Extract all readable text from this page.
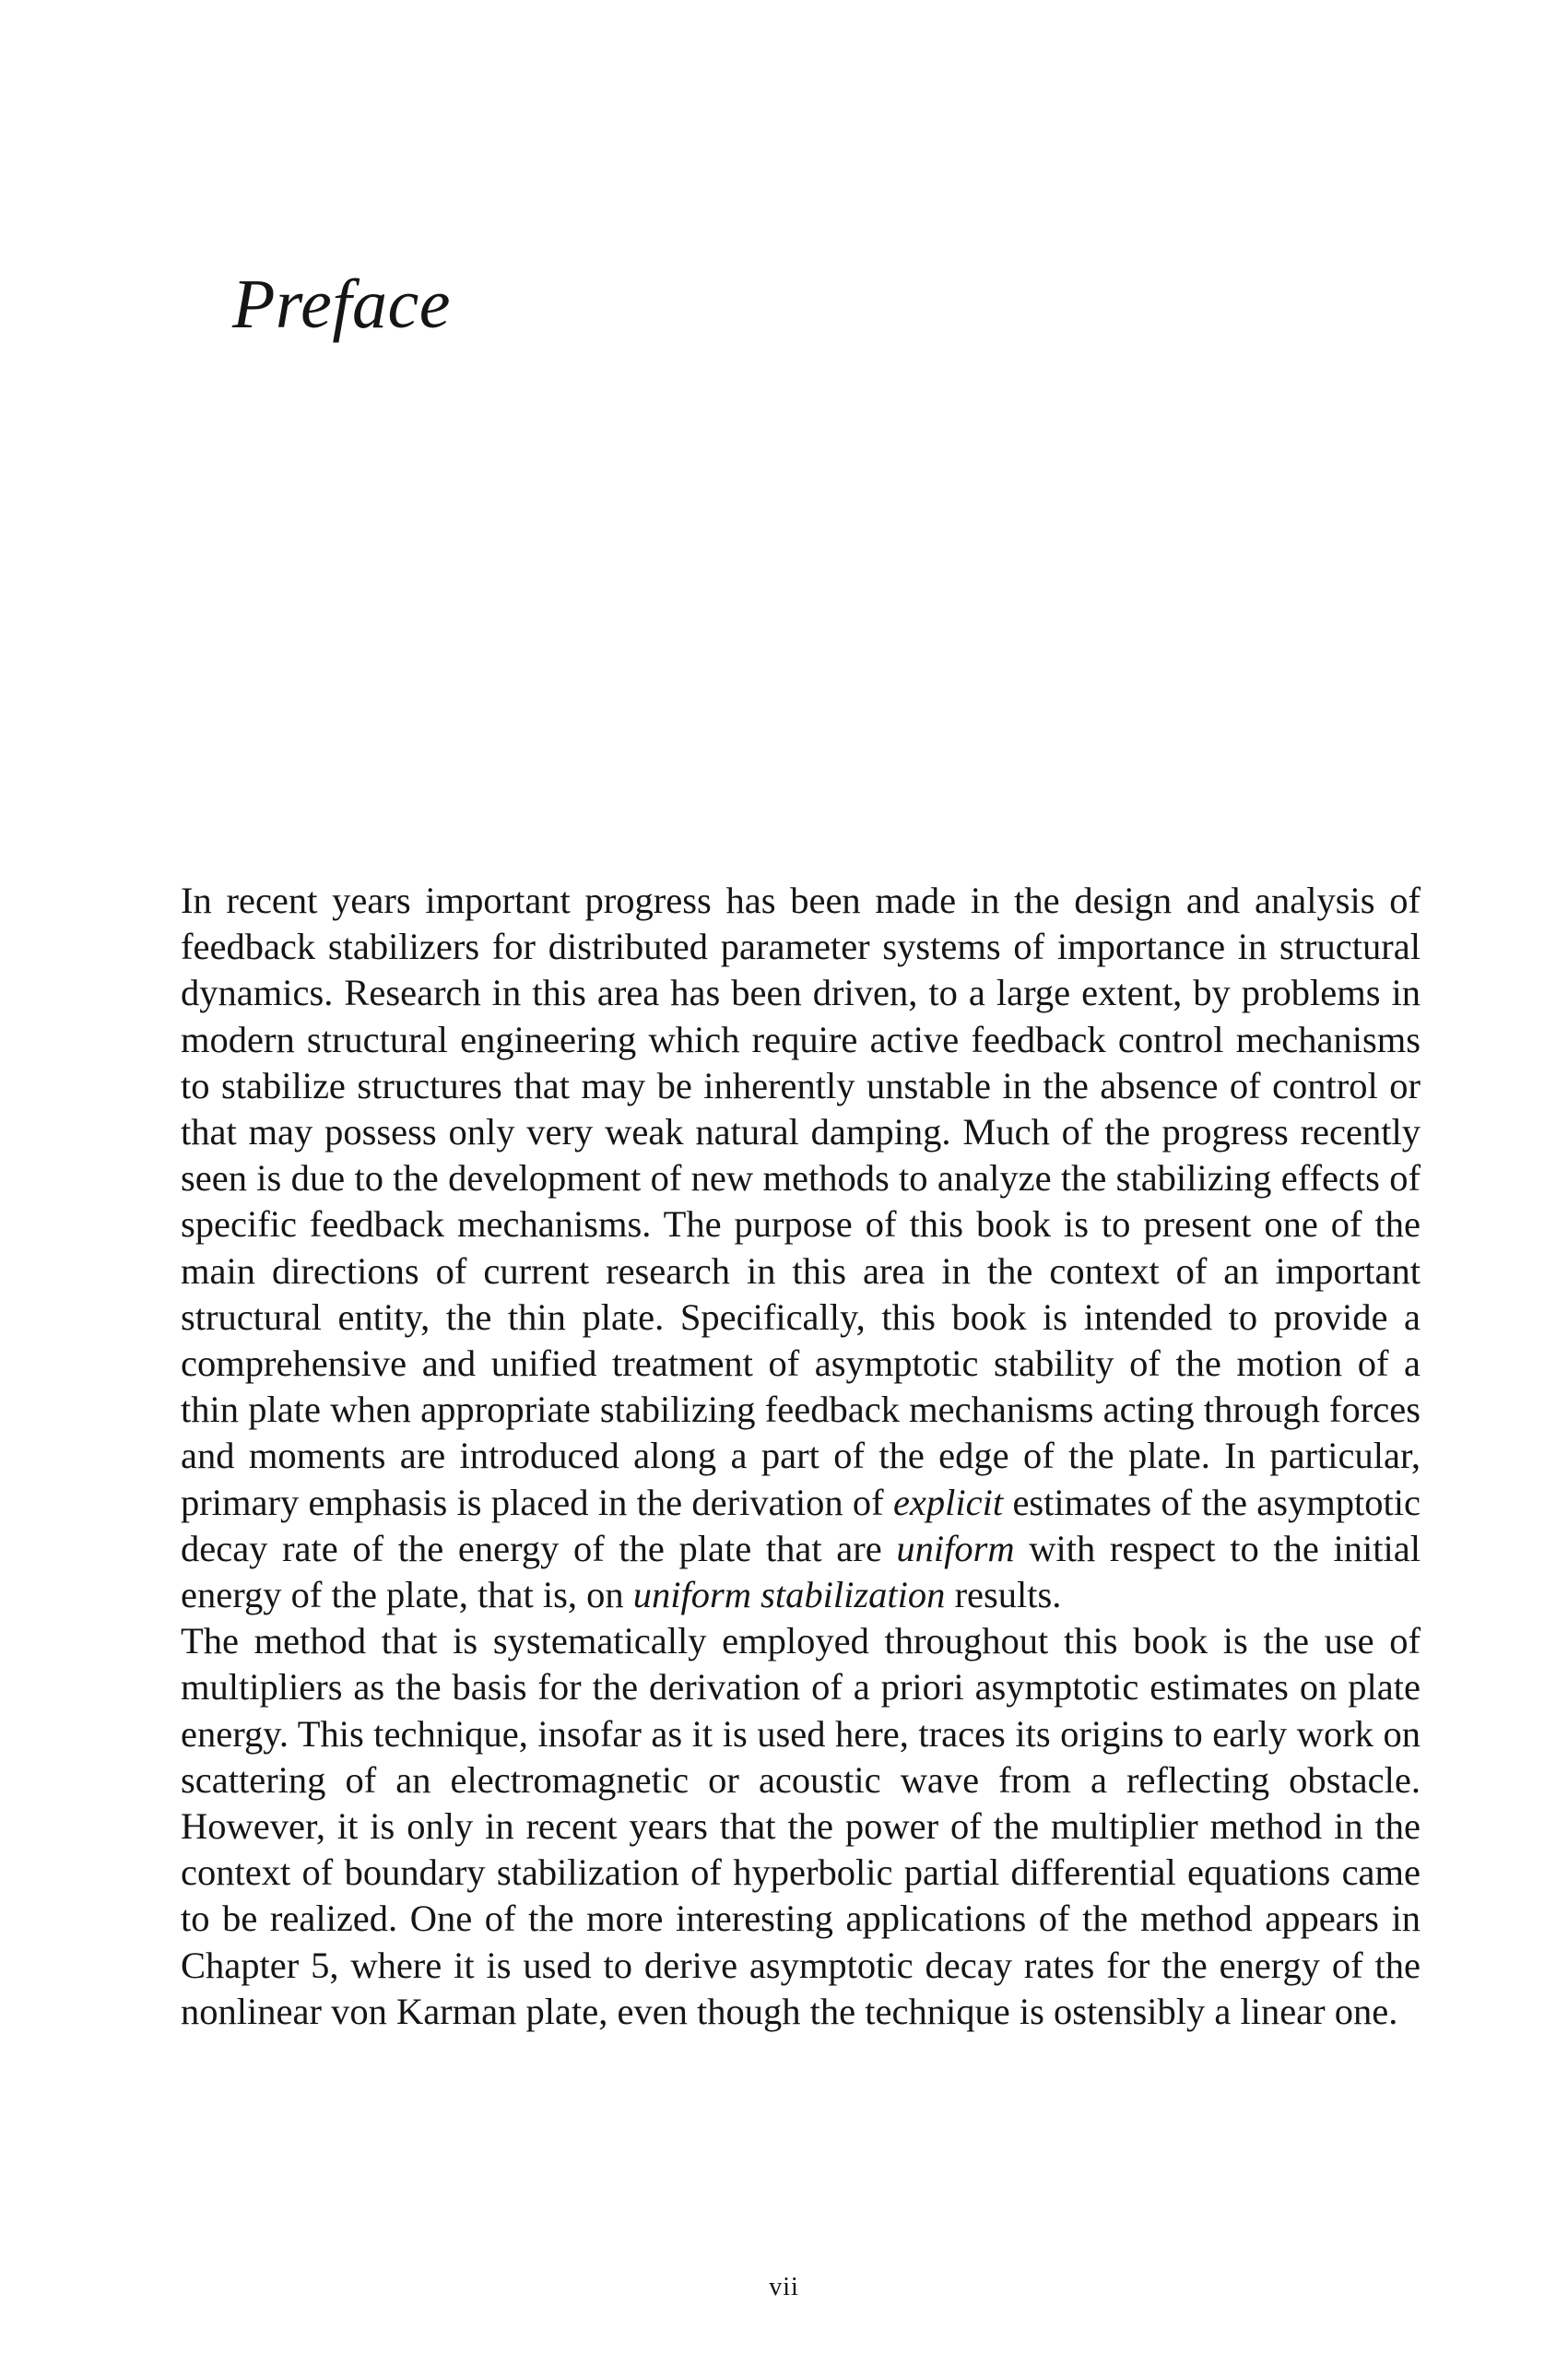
Preface

In recent years important progress has been made in the design and analysis of feedback stabilizers for distributed parameter systems of importance in structural dynamics. Research in this area has been driven, to a large extent, by problems in modern structural engineering which require active feedback control mechanisms to stabilize structures that may be inherently unstable in the absence of control or that may possess only very weak natural damping. Much of the progress recently seen is due to the development of new methods to analyze the stabilizing effects of specific feedback mechanisms. The purpose of this book is to present one of the main directions of current research in this area in the context of an important structural entity, the thin plate. Specifically, this book is intended to provide a comprehensive and unified treatment of asymptotic stability of the motion of a thin plate when appropriate stabilizing feedback mechanisms acting through forces and moments are introduced along a part of the edge of the plate. In particular, primary emphasis is placed in the derivation of explicit estimates of the asymptotic decay rate of the energy of the plate that are uniform with respect to the initial energy of the plate, that is, on uniform stabilization results.

The method that is systematically employed throughout this book is the use of multipliers as the basis for the derivation of a priori asymptotic estimates on plate energy. This technique, insofar as it is used here, traces its origins to early work on scattering of an electromagnetic or acoustic wave from a reflecting obstacle. However, it is only in recent years that the power of the multiplier method in the context of boundary stabilization of hyperbolic partial differential equations came to be realized. One of the more interesting applications of the method appears in Chapter 5, where it is used to derive asymptotic decay rates for the energy of the nonlinear von Karman plate, even though the technique is ostensibly a linear one.

vii
